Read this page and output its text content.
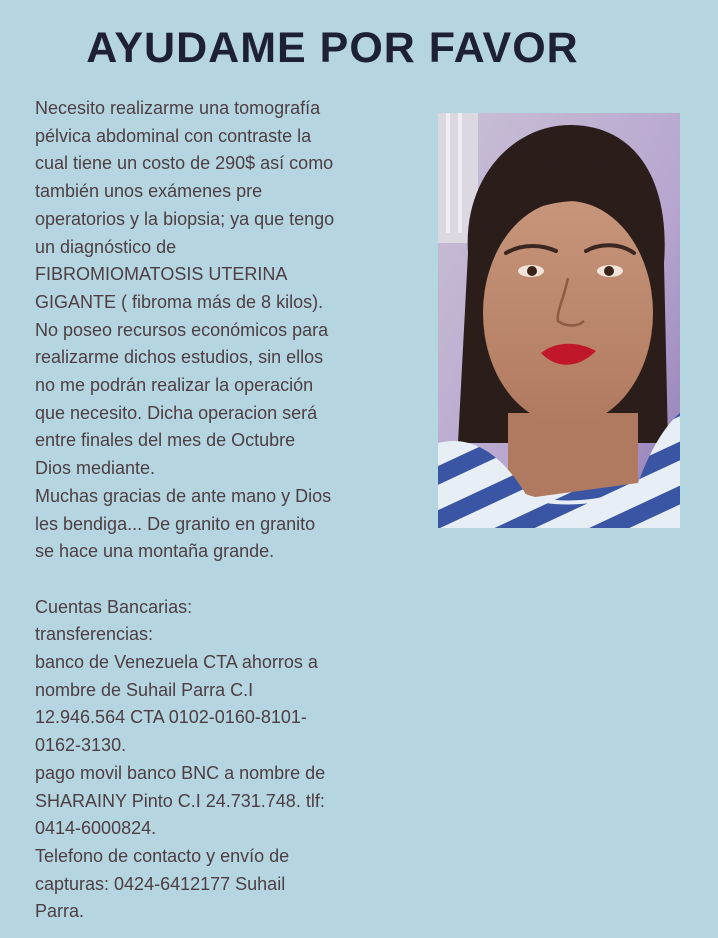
AYUDAME POR FAVOR
Necesito realizarme una tomografía
pélvica abdominal con contraste la
cual tiene un costo de 290$ así como
también unos exámenes pre
operatorios y la biopsia; ya que tengo
un diagnóstico de
FIBROMIOMATOSIS UTERINA
GIGANTE ( fibroma más de 8 kilos).
No poseo recursos económicos para
realizarme dichos estudios, sin ellos
no me podrán realizar la operación
que necesito. Dicha operacion será
entre finales del mes de Octubre
Dios mediante.
Muchas gracias de ante mano y Dios
les bendiga... De granito en granito
se hace una montaña grande.
Cuentas Bancarias:
transferencias:
banco de Venezuela CTA ahorros a
nombre de Suhail Parra C.I
12.946.564 CTA 0102-0160-8101-
0162-3130.
pago movil banco BNC a nombre de
SHARAINY Pinto C.I 24.731.748. tlf:
0414-6000824.
Telefono de contacto y envío de
capturas: 0424-6412177 Suhail
Parra.
